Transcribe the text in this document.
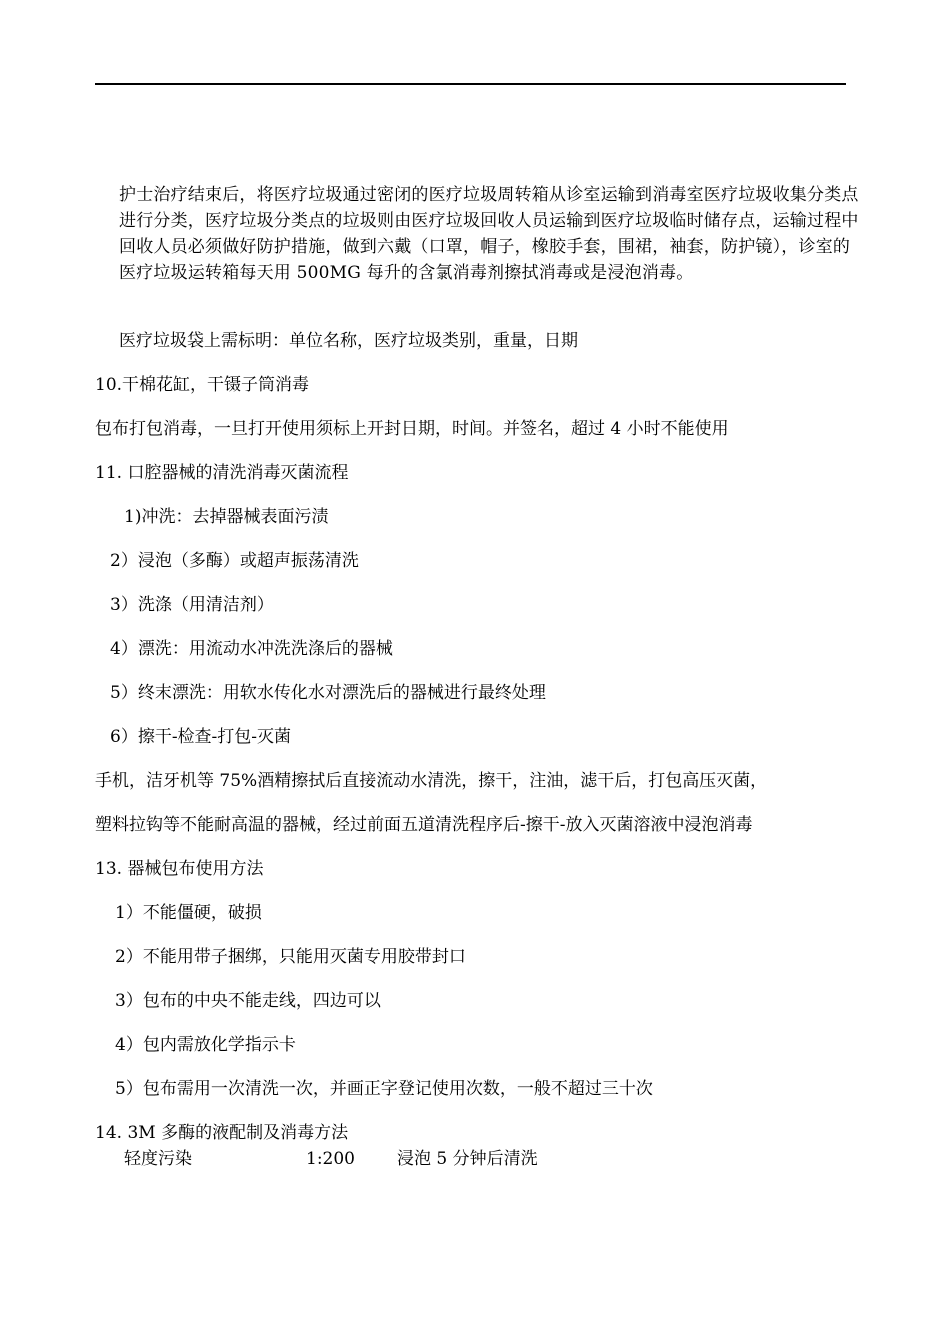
护士治疗结束后，将医疗垃圾通过密闭的医疗垃圾周转箱从诊室运输到消毒室医疗垃圾收集分类点进行分类，医疗垃圾分类点的垃圾则由医疗垃圾回收人员运输到医疗垃圾临时储存点，运输过程中回收人员必须做好防护措施，做到六戴（口罩，帽子，橡胶手套，围裙，袖套，防护镜），诊室的医疗垃圾运转箱每天用 500MG 每升的含氯消毒剂擦拭消毒或是浸泡消毒。

医疗垃圾袋上需标明：单位名称，医疗垃圾类别，重量，日期

10.干棉花缸，干镊子筒消毒

包布打包消毒，一旦打开使用须标上开封日期，时间。并签名，超过 4 小时不能使用

11. 口腔器械的清洗消毒灭菌流程

1)冲洗：去掉器械表面污渍

2）浸泡（多酶）或超声振荡清洗

3）洗涤（用清洁剂）

4）漂洗：用流动水冲洗洗涤后的器械

5）终末漂洗：用软水传化水对漂洗后的器械进行最终处理

6）擦干-检查-打包-灭菌

手机，洁牙机等 75%酒精擦拭后直接流动水清洗，擦干，注油，滤干后，打包高压灭菌，

塑料拉钩等不能耐高温的器械，经过前面五道清洗程序后-擦干-放入灭菌溶液中浸泡消毒

13. 器械包布使用方法

1）不能僵硬，破损

2）不能用带子捆绑，只能用灭菌专用胶带封口

3）包布的中央不能走线，四边可以

4）包内需放化学指示卡

5）包布需用一次清洗一次，并画正字登记使用次数，一般不超过三十次

14. 3M 多酶的液配制及消毒方法

轻度污染	1:200 浸泡 5 分钟后清洗
